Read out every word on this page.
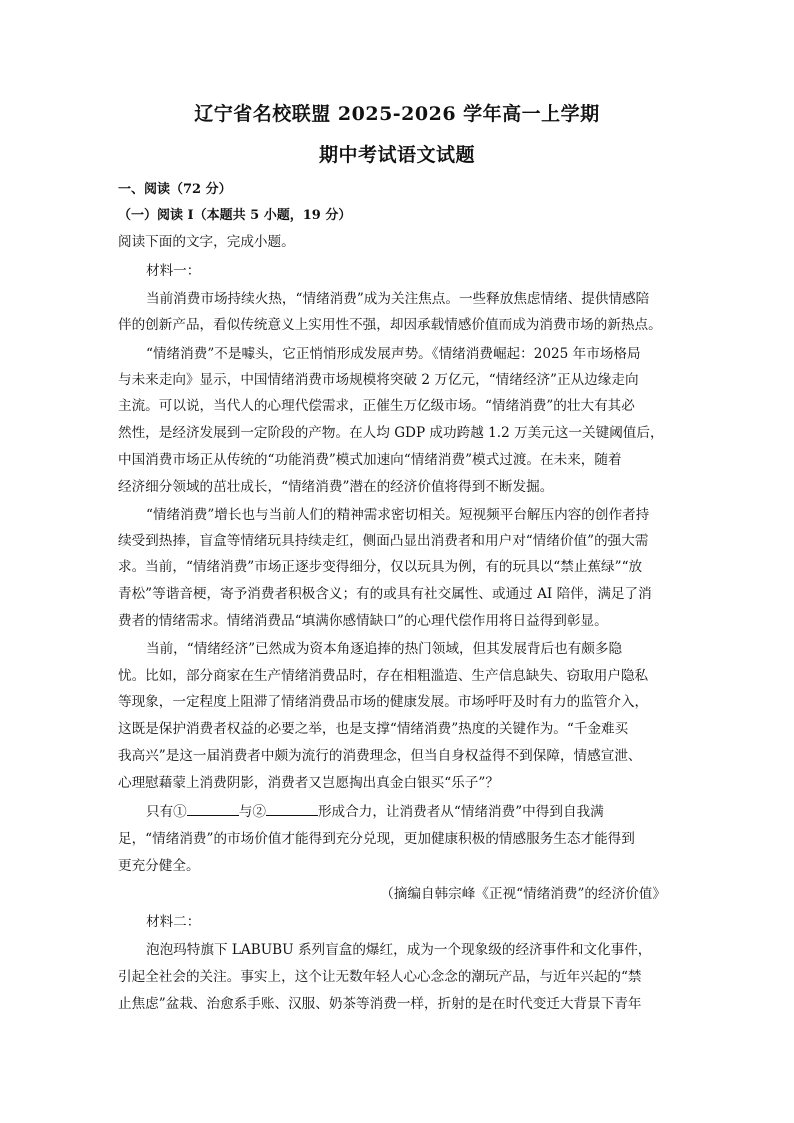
辽宁省名校联盟 2025-2026 学年高一上学期
期中考试语文试题
一、阅读（72 分）
（一）阅读 I（本题共 5 小题，19 分）
阅读下面的文字，完成小题。
材料一：
当前消费市场持续火热，“情绪消费”成为关注焦点。一些释放焦虑情绪、提供情感陪
伴的创新产品，看似传统意义上实用性不强，却因承载情感价值而成为消费市场的新热点。
“情绪消费”不是噱头，它正悄悄形成发展声势。《情绪消费崛起：2025 年市场格局
与未来走向》显示，中国情绪消费市场规模将突破 2 万亿元，“情绪经济”正从边缘走向
主流。可以说，当代人的心理代偿需求，正催生万亿级市场。“情绪消费”的壮大有其必
然性，是经济发展到一定阶段的产物。在人均 GDP 成功跨越 1.2 万美元这一关键阈值后，
中国消费市场正从传统的“功能消费”模式加速向“情绪消费”模式过渡。在未来，随着
经济细分领域的茁壮成长，“情绪消费”潜在的经济价值将得到不断发掘。
“情绪消费”增长也与当前人们的精神需求密切相关。短视频平台解压内容的创作者持
续受到热捧，盲盒等情绪玩具持续走红，侧面凸显出消费者和用户对“情绪价值”的强大需
求。当前，“情绪消费”市场正逐步变得细分，仅以玩具为例，有的玩具以“禁止蕉绿”“放
青松”等谐音梗，寄予消费者积极含义；有的或具有社交属性、或通过 AI 陪伴，满足了消
费者的情绪需求。情绪消费品“填满你感情缺口”的心理代偿作用将日益得到彰显。
当前，“情绪经济”已然成为资本角逐追捧的热门领域，但其发展背后也有颇多隐
忧。比如，部分商家在生产情绪消费品时，存在相粗滥造、生产信息缺失、窃取用户隐私
等现象，一定程度上阻滞了情绪消费品市场的健康发展。市场呼吁及时有力的监管介入，
这既是保护消费者权益的必要之举，也是支撑“情绪消费”热度的关键作为。“千金难买
我高兴”是这一届消费者中颇为流行的消费理念，但当自身权益得不到保障，情感宣泄、
心理慰藉蒙上消费阴影，消费者又岂愿掏出真金白银买“乐子”？
只有①	与②	形成合力，让消费者从“情绪消费”中得到自我满
足，“情绪消费”的市场价值才能得到充分兑现，更加健康积极的情感服务生态才能得到
更充分健全。
（摘编自韩宗峰《正视“情绪消费”的经济价值》
材料二：
泡泡玛特旗下 LABUBU 系列盲盒的爆红，成为一个现象级的经济事件和文化事件，
引起全社会的关注。事实上，这个让无数年轻人心心念念的潮玩产品，与近年兴起的“禁
止焦虑”盆栽、治愈系手账、汉服、奶茶等消费一样，折射的是在时代变迁大背景下青年
